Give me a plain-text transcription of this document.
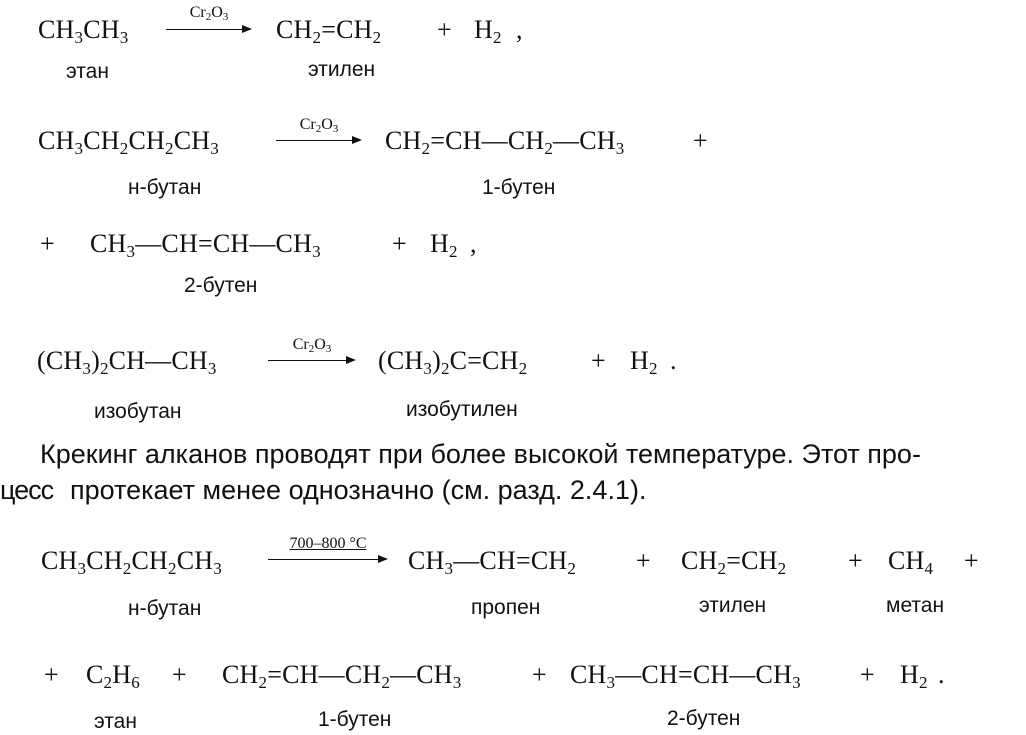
$CH_3CH_3$
$Cr_2O_3$	$CH_2=CH_2 + H_2$ ,
этан	этилен
$CH_3CH_2CH_2CH_3$
$Cr_2O_3$	$CH_2=CH—CH_2—CH_3$	+
н-бутан	1-бутен
+ $CH_3—CH=CH—CH_3$	+ $H_2$ ,
2-бутен
$(CH_3)_2CH—CH_3$
$Cr_2O_3$	$(CH_3)_2C=CH_2 + H_2$ .
изобутан	изобутилен
Крекинг алканов проводят при более высокой температуре. Этот про-
цесс протекает менее однозначно (см. разд. 2.4.1).
$CH_3CH_2CH_2CH_3$
700–800 °C
$CH_3—CH=CH_2 + CH_2=CH_2 + CH_4$ +
н-бутан	пропен	этилен	метан
+ $C_2H_6$ + $CH_2=CH—CH_2—CH_3$	+ $CH_3—CH=CH—CH_3 + H_2$ .
этан	1-бутен	2-бутен
